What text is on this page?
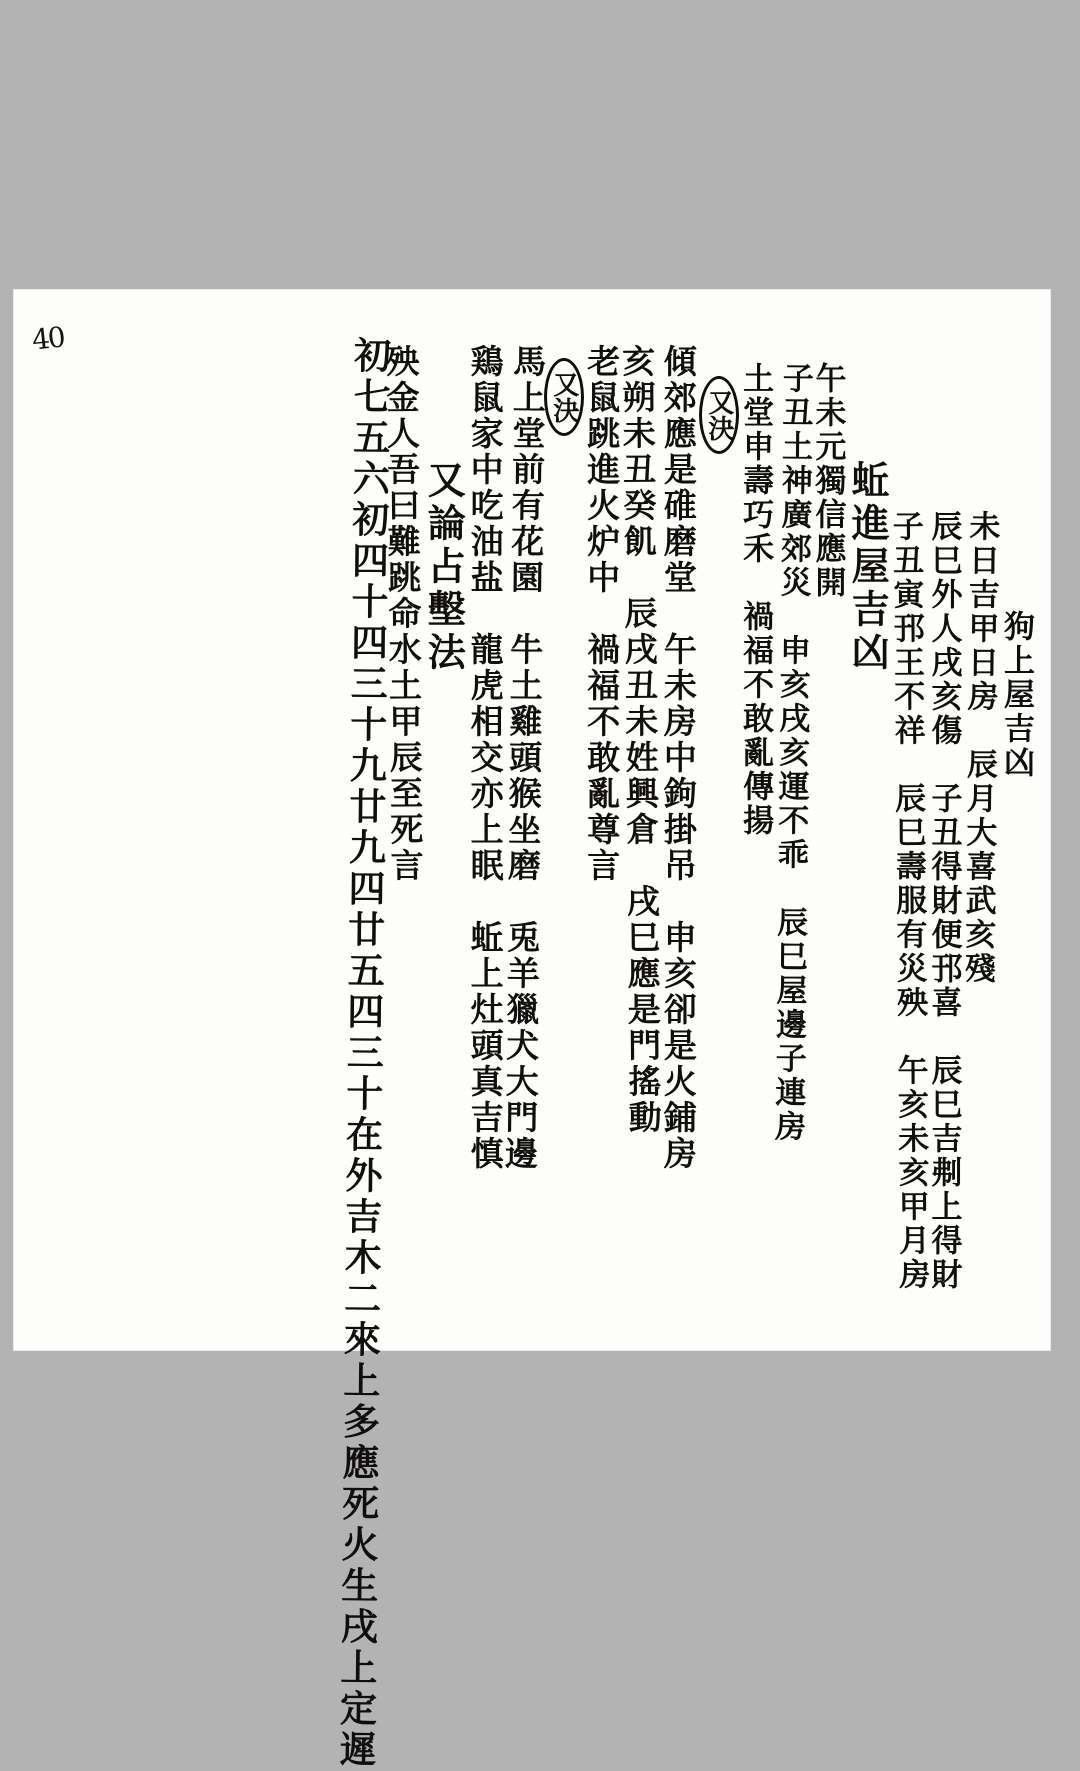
40	初七五六初四十四三十九廿九四廿五四三十在外吉木二來上多應死火生戌上定遲
殃金人吾曰難跳命水土甲辰至死言
又論占墼法 鶏鼠家中吃油盐　龍虎相交亦上眠　蚯上灶頭真吉慎
馬上堂前有花園　牛土雞頭猴坐磨　兎羊獵犬大門邊 老鼠跳進火炉中　禍福不敢亂尊言
又決	亥朔未丑癸飢　辰戌丑未姓興倉　戌巳應是門搖動
傾郊應是碓磨堂　午未房中鉤掛吊　申亥卻是火鋪房 土堂申壽巧禾　禍福不敢亂傳揚
又決	子丑土神廣郊災　申亥戌亥運不乖　辰巳屋邊子連房
午未元獨信應開 蚯進屋吉凶
子丑寅邘王不祥　辰巳壽服有災殃　午亥未亥甲月房
辰巳外人戌亥傷　子丑得財便邘喜　辰巳吉刜上得財
未日吉甲日房　辰月大喜武亥殘
狗上屋吉凶
